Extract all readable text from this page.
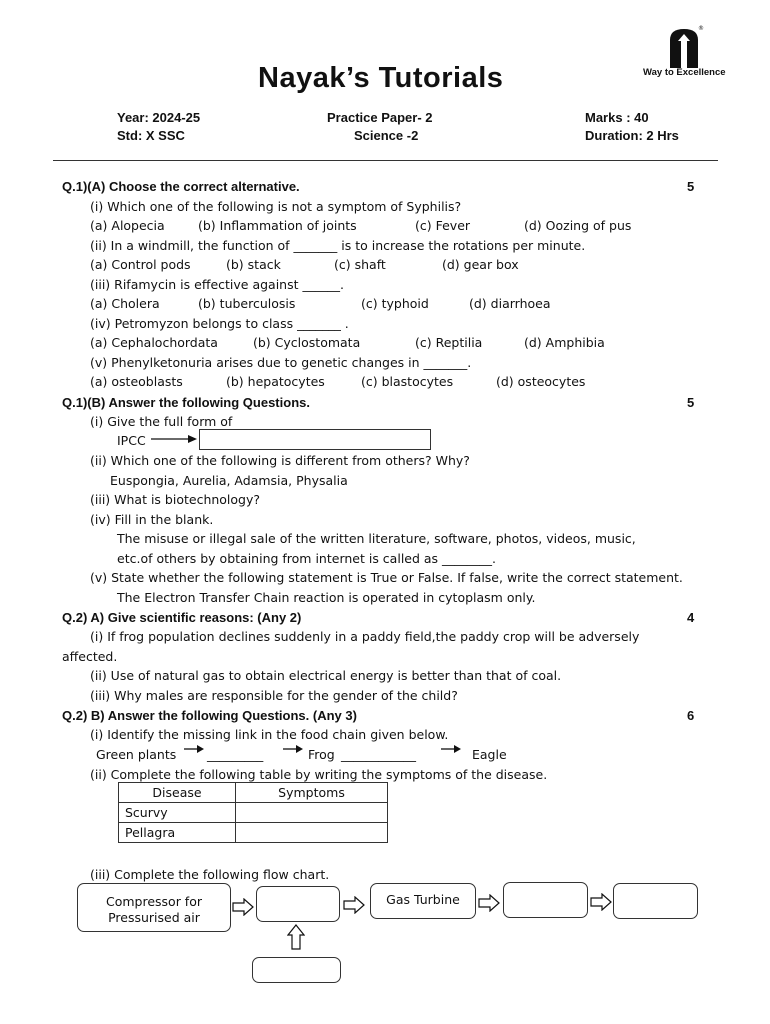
®
Way to Excellence
Nayak’s Tutorials
Year: 2024-25
Std: X SSC
Practice Paper- 2
Science -2
Marks : 40
Duration: 2 Hrs
Q.1)(A) Choose the correct alternative.	5
(i) Which one of the following is not a symptom of Syphilis?
(a) Alopecia	(b) Inflammation of joints	(c) Fever	(d) Oozing of pus
(ii) In a windmill, the function of _______ is to increase the rotations per minute.
(a) Control pods	(b) stack	(c) shaft	(d) gear box
(iii) Rifamycin is effective against ______.
(a) Cholera	(b) tuberculosis	(c) typhoid	(d) diarrhoea
(iv) Petromyzon belongs to class _______ .
(a) Cephalochordata	(b) Cyclostomata	(c) Reptilia	(d) Amphibia
(v) Phenylketonuria arises due to genetic changes in _______.
(a) osteoblasts	(b) hepatocytes	(c) blastocytes	(d) osteocytes
Q.1)(B) Answer the following Questions.	5
(i) Give the full form of
IPCC
(ii) Which one of the following is different from others? Why?
Euspongia, Aurelia, Adamsia, Physalia
(iii) What is biotechnology?
(iv) Fill in the blank.
The misuse or illegal sale of the written literature, software, photos, videos, music,
etc.of others by obtaining from internet is called as ________.
(v) State whether the following statement is True or False. If false, write the correct statement.
The Electron Transfer Chain reaction is operated in cytoplasm only.
Q.2) A) Give scientific reasons: (Any 2)	4
(i) If frog population declines suddenly in a paddy field,the paddy crop will be adversely
affected.
(ii) Use of natural gas to obtain electrical energy is better than that of coal.
(iii) Why males are responsible for the gender of the child?
Q.2) B) Answer the following Questions. (Any 3)	6
(i) Identify the missing link in the food chain given below.
Green plants _________	Frog ____________	Eagle
(ii) Complete the following table by writing the symptoms of the disease.
Disease	Symptoms
Scurvy	
Pellagra	
(iii) Complete the following flow chart.
Compressor for
Pressurised air
Gas Turbine
